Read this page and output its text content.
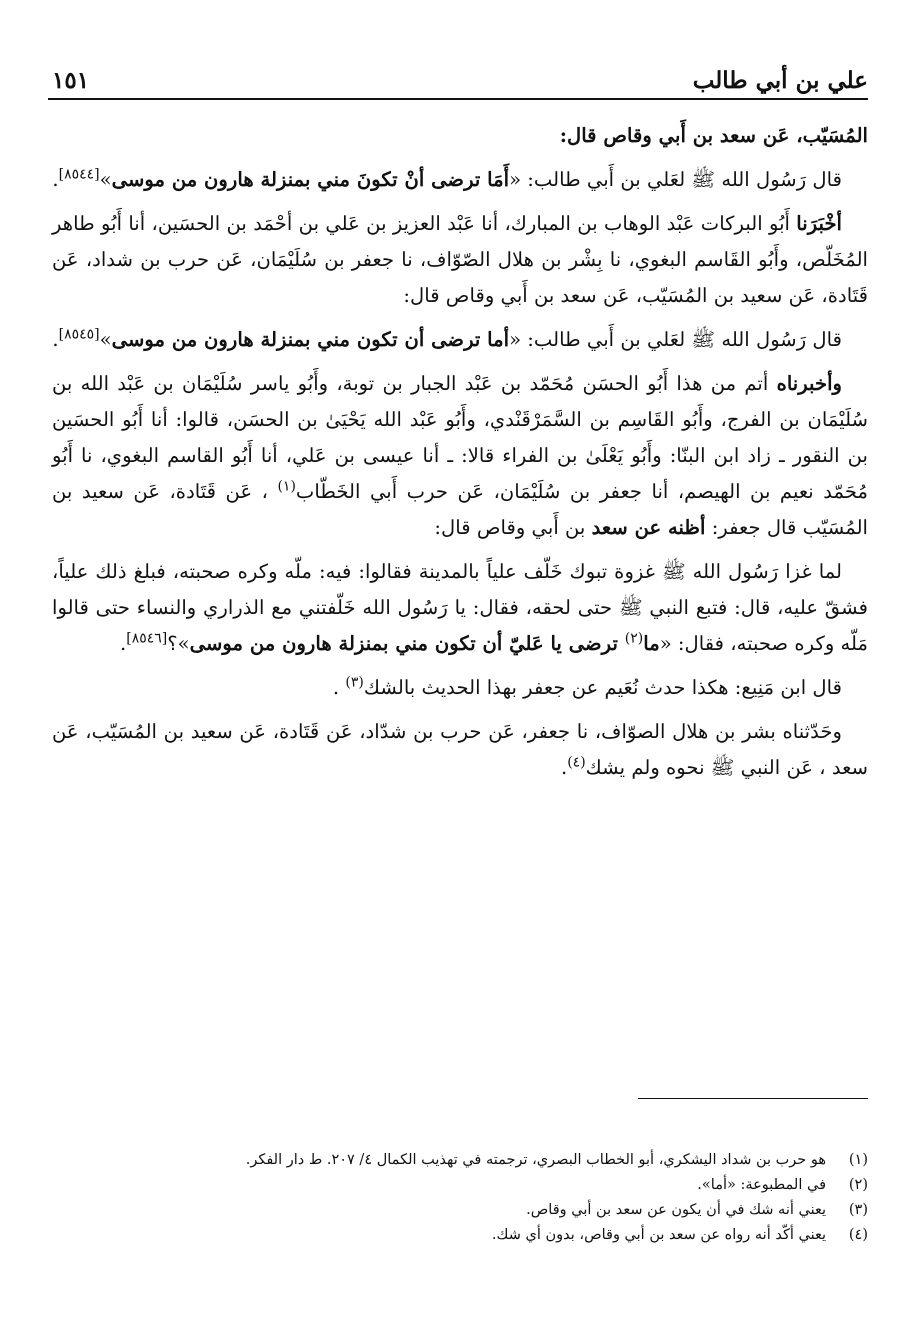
علي بن أبي طالب
١٥١

المُسَيّب، عَن سعد بن أَبي وقاص قال:

قال رَسُول الله ﷺ لعَلي بن أَبي طالب: «أَمَا ترضى أنْ تكونَ مني بمنزلة هارون من موسى»[٨٥٤٤].

أخْبَرَنا أَبُو البركات عَبْد الوهاب بن المبارك، أنا عَبْد العزيز بن عَلي بن أحْمَد بن الحسَين، أنا أَبُو طاهر المُخَلّص، وأَبُو القَاسم البغوي، نا بِشْر بن هلال الصّوّاف، نا جعفر بن سُلَيْمَان، عَن حرب بن شداد، عَن قَتَادة، عَن سعيد بن المُسَيّب، عَن سعد بن أَبي وقاص قال:

قال رَسُول الله ﷺ لعَلي بن أَبي طالب: «أما ترضى أن تكون مني بمنزلة هارون من موسى»[٨٥٤٥].

وأخبرناه أتم من هذا أَبُو الحسَن مُحَمّد بن عَبْد الجبار بن توبة، وأَبُو ياسر سُلَيْمَان بن عَبْد الله بن سُلَيْمَان بن الفرج، وأَبُو القَاسِم بن السَّمَرْقَنْدي، وأَبُو عَبْد الله يَحْيَىٰ بن الحسَن، قالوا: أنا أَبُو الحسَين بن النقور ـ زاد ابن البنّا: وأَبُو يَعْلَىٰ بن الفراء قالا: ـ أنا عيسى بن عَلي، أنا أَبُو القاسم البغوي، نا أَبُو مُحَمّد نعيم بن الهيصم، أنا جعفر بن سُلَيْمَان، عَن حرب أَبي الخَطّاب$^{(١)}$ ، عَن قَتَادة، عَن سعيد بن المُسَيّب قال جعفر: أظنه عن سعد بن أَبي وقاص قال:

لما غزا رَسُول الله ﷺ غزوة تبوك خَلّف علياً بالمدينة فقالوا: فيه: ملّه وكره صحبته، فبلغ ذلك علياً، فشقّ عليه، قال: فتبع النبي ﷺ حتى لحقه، فقال: يا رَسُول الله خَلّفتني مع الذراري والنساء حتى قالوا مَلّه وكره صحبته، فقال: «ما$^{(٢)}$ ترضى يا عَليّ أن تكون مني بمنزلة هارون من موسى»؟[٨٥٤٦].

قال ابن مَنِيع: هكذا حدث نُعَيم عن جعفر بهذا الحديث بالشك$^{(٣)}$ .

وحَدّثناه بشر بن هلال الصوّاف، نا جعفر، عَن حرب بن شدّاد، عَن قَتَادة، عَن سعيد بن المُسَيّب، عَن سعد ، عَن النبي ﷺ نحوه ولم يشك$^{(٤)}$.

(١)
هو حرب بن شداد اليشكري، أبو الخطاب البصري، ترجمته في تهذيب الكمال ٤/ ٢٠٧. ط دار الفكر.
(٢)
في المطبوعة: «أما».
(٣)
يعني أنه شك في أن يكون عن سعد بن أبي وقاص.
(٤)
يعني أكّد أنه رواه عن سعد بن أبي وقاص، بدون أي شك.
